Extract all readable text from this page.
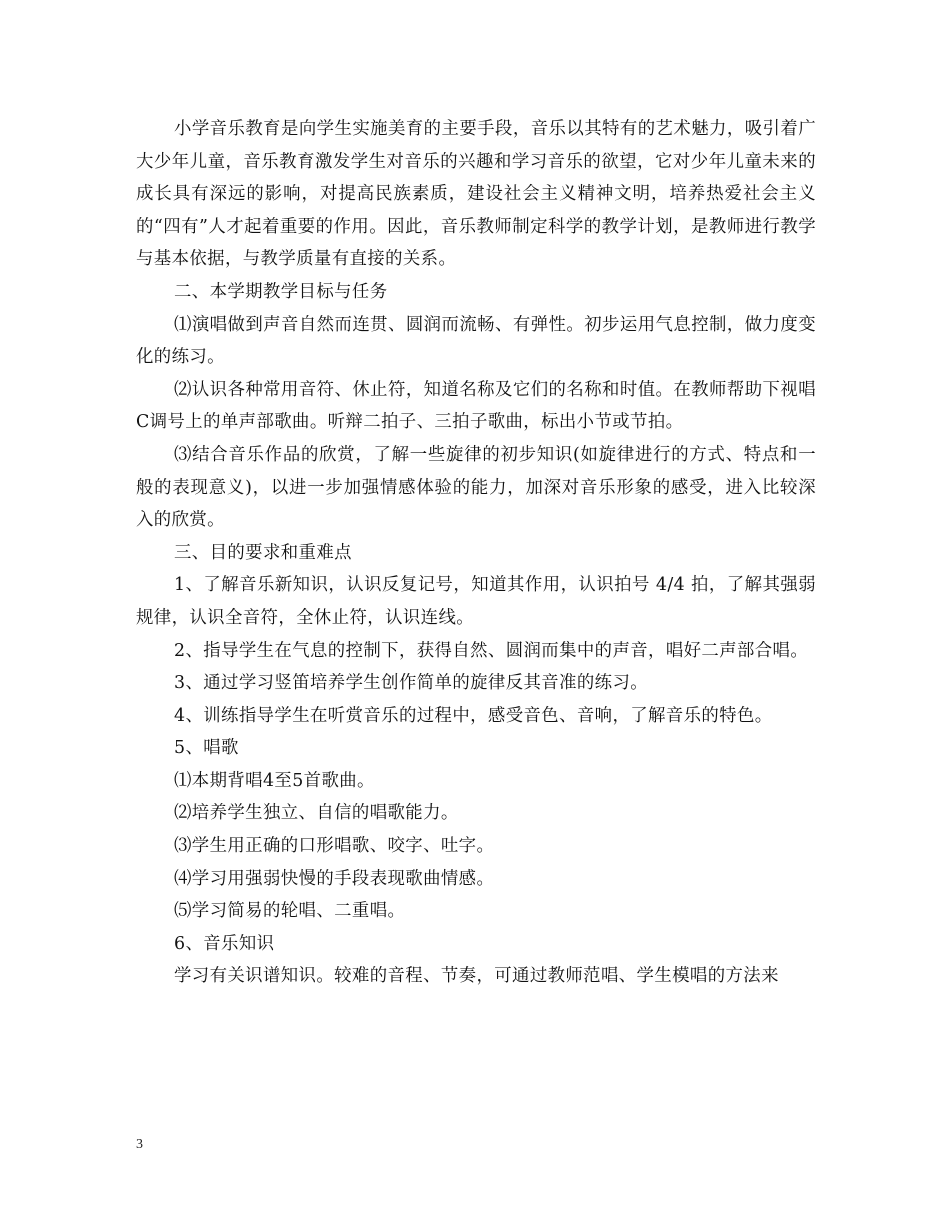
小学音乐教育是向学生实施美育的主要手段，音乐以其特有的艺术魅力，吸引着广大少年儿童，音乐教育激发学生对音乐的兴趣和学习音乐的欲望，它对少年儿童未来的成长具有深远的影响，对提高民族素质，建设社会主义精神文明，培养热爱社会主义的“四有”人才起着重要的作用。因此，音乐教师制定科学的教学计划，是教师进行教学与基本依据，与教学质量有直接的关系。

二、本学期教学目标与任务

⑴演唱做到声音自然而连贯、圆润而流畅、有弹性。初步运用气息控制，做力度变化的练习。

⑵认识各种常用音符、休止符，知道名称及它们的名称和时值。在教师帮助下视唱C调号上的单声部歌曲。听辩二拍子、三拍子歌曲，标出小节或节拍。

⑶结合音乐作品的欣赏，了解一些旋律的初步知识(如旋律进行的方式、特点和一般的表现意义)，以进一步加强情感体验的能力，加深对音乐形象的感受，进入比较深入的欣赏。

三、目的要求和重难点

1、了解音乐新知识，认识反复记号，知道其作用，认识拍号 4/4 拍，了解其强弱规律，认识全音符，全休止符，认识连线。

2、指导学生在气息的控制下，获得自然、圆润而集中的声音，唱好二声部合唱。

3、通过学习竖笛培养学生创作简单的旋律反其音准的练习。

4、训练指导学生在听赏音乐的过程中，感受音色、音响，了解音乐的特色。

5、唱歌

⑴本期背唱4至5首歌曲。

⑵培养学生独立、自信的唱歌能力。

⑶学生用正确的口形唱歌、咬字、吐字。

⑷学习用强弱快慢的手段表现歌曲情感。

⑸学习简易的轮唱、二重唱。

6、音乐知识

学习有关识谱知识。较难的音程、节奏，可通过教师范唱、学生模唱的方法来

3
